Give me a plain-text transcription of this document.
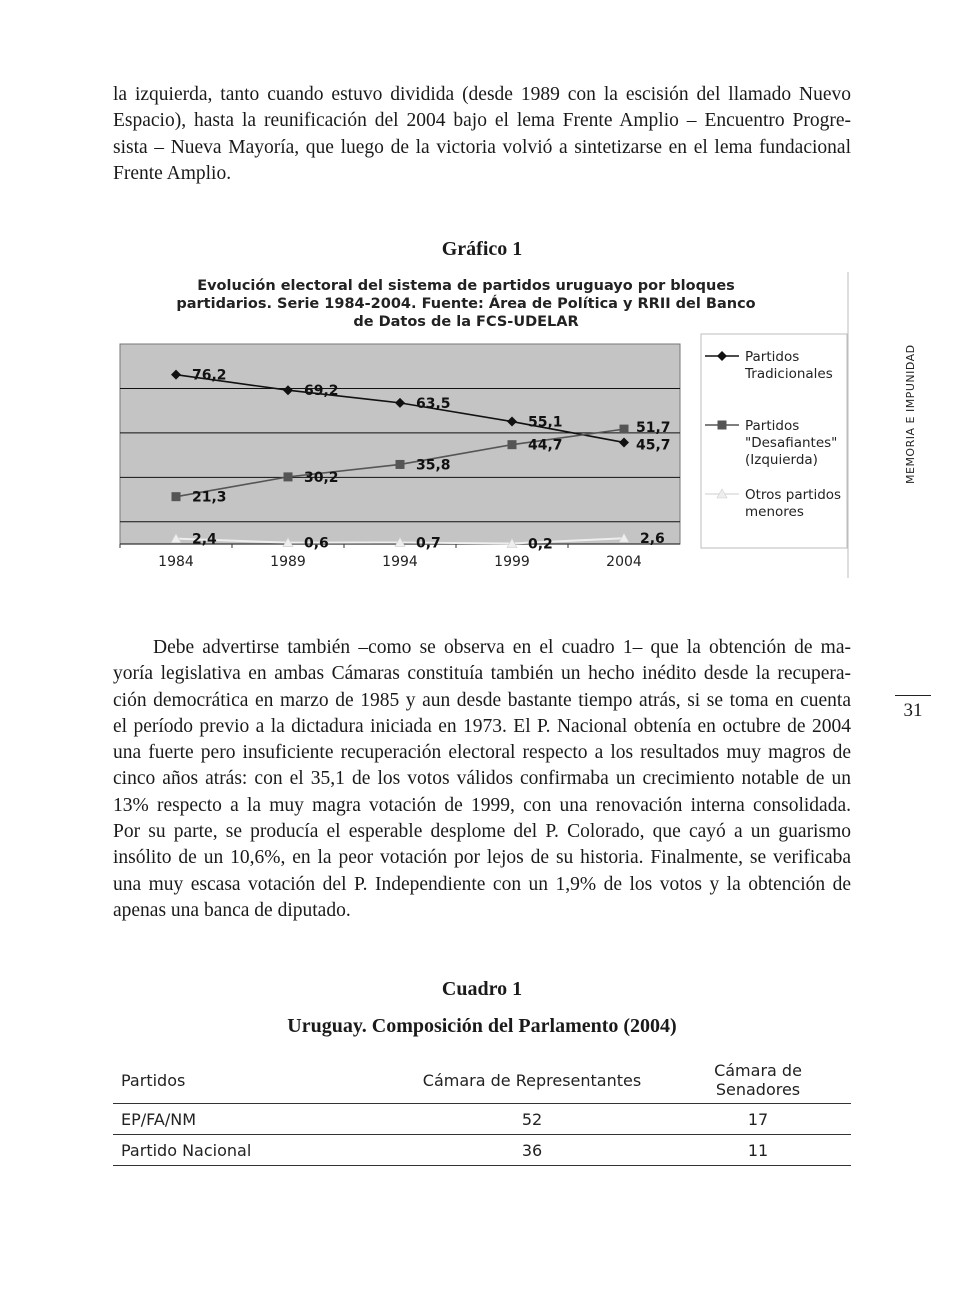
la izquierda, tanto cuando estuvo dividida (desde 1989 con la escisión del llamado Nuevo
Espacio), hasta la reunificación del 2004 bajo el lema Frente Amplio – Encuentro Progre-
sista – Nueva Mayoría, que luego de la victoria volvió a sintetizarse en el lema fundacional
Frente Amplio.
Gráfico 1
Evolución electoral del sistema de partidos uruguayo por bloques
partidarios. Serie 1984-2004. Fuente: Área de Política y RRII del Banco
de Datos de la FCS-UDELAR
1984	1989	1994	1999	2004
76,2
69,2
63,5
55,1
45,7
21,3
30,2
35,8
44,7
51,7
2,4	0,6	0,7	0,2	2,6
Partidos
Tradicionales
Partidos
"Desafiantes"
(Izquierda)
Otros partidos
menores
MEMORIA E IMPUNIDAD
31
Debe advertirse también –como se observa en el cuadro 1– que la obtención de ma-
yoría legislativa en ambas Cámaras constituía también un hecho inédito desde la recupera-
ción democrática en marzo de 1985 y aun desde bastante tiempo atrás, si se toma en cuenta
el período previo a la dictadura iniciada en 1973. El P. Nacional obtenía en octubre de 2004
una fuerte pero insuficiente recuperación electoral respecto a los resultados muy magros de
cinco años atrás: con el 35,1 de los votos válidos confirmaba un crecimiento notable de un
13% respecto a la muy magra votación de 1999, con una renovación interna consolidada.
Por su parte, se producía el esperable desplome del P. Colorado, que cayó a un guarismo
insólito de un 10,6%, en la peor votación por lejos de su historia. Finalmente, se verificaba
una muy escasa votación del P. Independiente con un 1,9% de los votos y la obtención de
apenas una banca de diputado.
Cuadro 1
Uruguay. Composición del Parlamento (2004)
Partidos	Cámara de Representantes	Cámara de Senadores
EP/FA/NM	52	17
Partido Nacional	36	11
